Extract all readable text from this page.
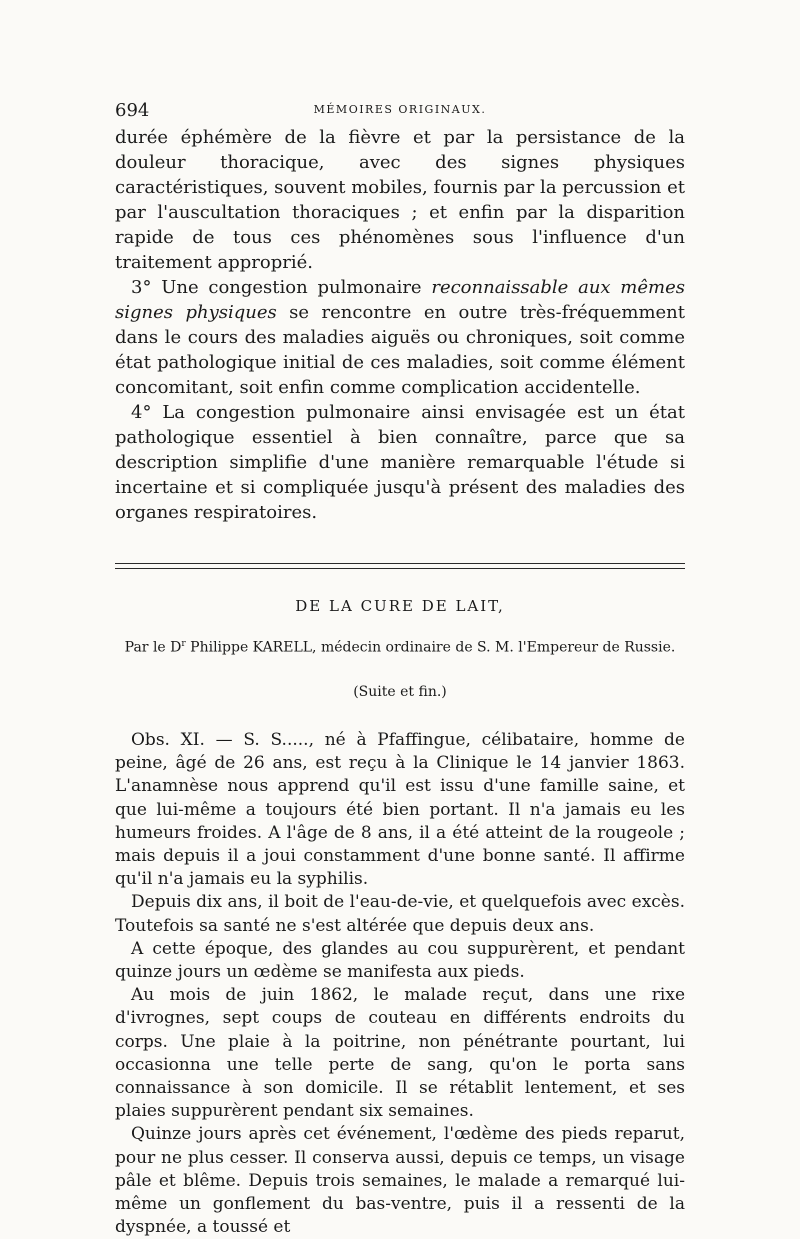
694	MÉMOIRES ORIGINAUX.

durée éphémère de la fièvre et par la persistance de la douleur thoracique, avec des signes physiques caractéristiques, souvent mobiles, fournis par la percussion et par l'auscultation thoraciques ; et enfin par la disparition rapide de tous ces phénomènes sous l'influence d'un traitement approprié.

3° Une congestion pulmonaire reconnaissable aux mêmes signes physiques se rencontre en outre très-fréquemment dans le cours des maladies aiguës ou chroniques, soit comme état pathologique initial de ces maladies, soit comme élément concomitant, soit enfin comme complication accidentelle.

4° La congestion pulmonaire ainsi envisagée est un état pathologique essentiel à bien connaître, parce que sa description simplifie d'une manière remarquable l'étude si incertaine et si compliquée jusqu'à présent des maladies des organes respiratoires.

DE LA CURE DE LAIT,
Par le $D^r$ Philippe KARELL, médecin ordinaire de S. M. l'Empereur de Russie.
(Suite et fin.)

Obs. XI. — S. S....., né à Pfaffingue, célibataire, homme de peine, âgé de 26 ans, est reçu à la Clinique le 14 janvier 1863. L'anamnèse nous apprend qu'il est issu d'une famille saine, et que lui-même a toujours été bien portant. Il n'a jamais eu les humeurs froides. A l'âge de 8 ans, il a été atteint de la rougeole ; mais depuis il a joui constamment d'une bonne santé. Il affirme qu'il n'a jamais eu la syphilis.

Depuis dix ans, il boit de l'eau-de-vie, et quelquefois avec excès. Toutefois sa santé ne s'est altérée que depuis deux ans.

A cette époque, des glandes au cou suppurèrent, et pendant quinze jours un œdème se manifesta aux pieds.

Au mois de juin 1862, le malade reçut, dans une rixe d'ivrognes, sept coups de couteau en différents endroits du corps. Une plaie à la poitrine, non pénétrante pourtant, lui occasionna une telle perte de sang, qu'on le porta sans connaissance à son domicile. Il se rétablit lentement, et ses plaies suppurèrent pendant six semaines.

Quinze jours après cet événement, l'œdème des pieds reparut, pour ne plus cesser. Il conserva aussi, depuis ce temps, un visage pâle et blême. Depuis trois semaines, le malade a remarqué lui-même un gonflement du bas-ventre, puis il a ressenti de la dyspnée, a toussé et
